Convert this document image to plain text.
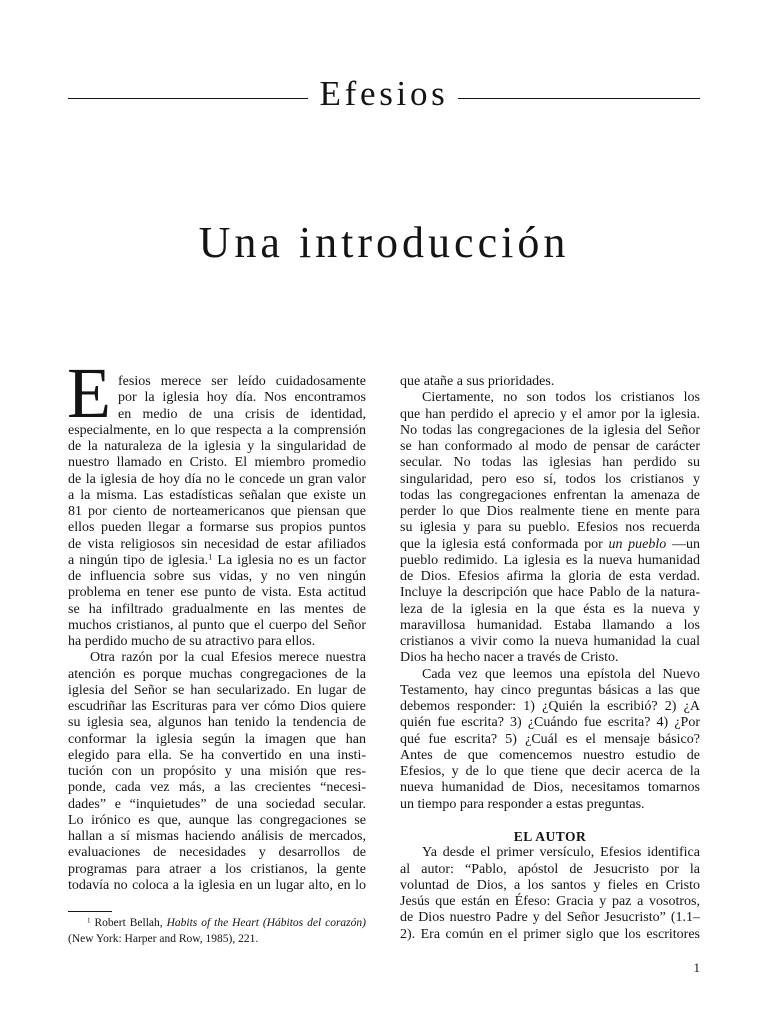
Efesios
Una introducción
E fesios merece ser leído cuidadosamente
por la iglesia hoy día. Nos encontramos
en medio de una crisis de identidad,
especialmente, en lo que respecta a la comprensión
de la naturaleza de la iglesia y la singularidad de
nuestro llamado en Cristo. El miembro promedio
de la iglesia de hoy día no le concede un gran valor
a la misma. Las estadísticas señalan que existe un
81 por ciento de norteamericanos que piensan que
ellos pueden llegar a formarse sus propios puntos
de vista religiosos sin necesidad de estar afiliados
a ningún tipo de iglesia.$^1$ La iglesia no es un factor
de influencia sobre sus vidas, y no ven ningún
problema en tener ese punto de vista. Esta actitud
se ha infiltrado gradualmente en las mentes de
muchos cristianos, al punto que el cuerpo del Señor
ha perdido mucho de su atractivo para ellos.
Otra razón por la cual Efesios merece nuestra
atención es porque muchas congregaciones de la
iglesia del Señor se han secularizado. En lugar de
escudriñar las Escrituras para ver cómo Dios quiere
su iglesia sea, algunos han tenido la tendencia de
conformar la iglesia según la imagen que han
elegido para ella. Se ha convertido en una insti-
tución con un propósito y una misión que res-
ponde, cada vez más, a las crecientes “necesi-
dades” e “inquietudes” de una sociedad secular.
Lo irónico es que, aunque las congregaciones se
hallan a sí mismas haciendo análisis de mercados,
evaluaciones de necesidades y desarrollos de
programas para atraer a los cristianos, la gente
todavía no coloca a la iglesia en un lugar alto, en lo
que atañe a sus prioridades.
Ciertamente, no son todos los cristianos los
que han perdido el aprecio y el amor por la iglesia.
No todas las congregaciones de la iglesia del Señor
se han conformado al modo de pensar de carácter
secular. No todas las iglesias han perdido su
singularidad, pero eso sí, todos los cristianos y
todas las congregaciones enfrentan la amenaza de
perder lo que Dios realmente tiene en mente para
su iglesia y para su pueblo. Efesios nos recuerda
que la iglesia está conformada por un pueblo —un
pueblo redimido. La iglesia es la nueva humanidad
de Dios. Efesios afirma la gloria de esta verdad.
Incluye la descripción que hace Pablo de la natura-
leza de la iglesia en la que ésta es la nueva y
maravillosa humanidad. Estaba llamando a los
cristianos a vivir como la nueva humanidad la cual
Dios ha hecho nacer a través de Cristo.
Cada vez que leemos una epístola del Nuevo
Testamento, hay cinco preguntas básicas a las que
debemos responder: 1) ¿Quién la escribió? 2) ¿A
quién fue escrita? 3) ¿Cuándo fue escrita? 4) ¿Por
qué fue escrita? 5) ¿Cuál es el mensaje básico?
Antes de que comencemos nuestro estudio de
Efesios, y de lo que tiene que decir acerca de la
nueva humanidad de Dios, necesitamos tomarnos
un tiempo para responder a estas preguntas.
EL AUTOR
Ya desde el primer versículo, Efesios identifica
al autor: “Pablo, apóstol de Jesucristo por la
voluntad de Dios, a los santos y fieles en Cristo
Jesús que están en Éfeso: Gracia y paz a vosotros,
de Dios nuestro Padre y del Señor Jesucristo” (1.1–
2). Era común en el primer siglo que los escritores
$^1$ Robert Bellah, Habits of the Heart (Hábitos del corazón)
(New York: Harper and Row, 1985), 221.
1
